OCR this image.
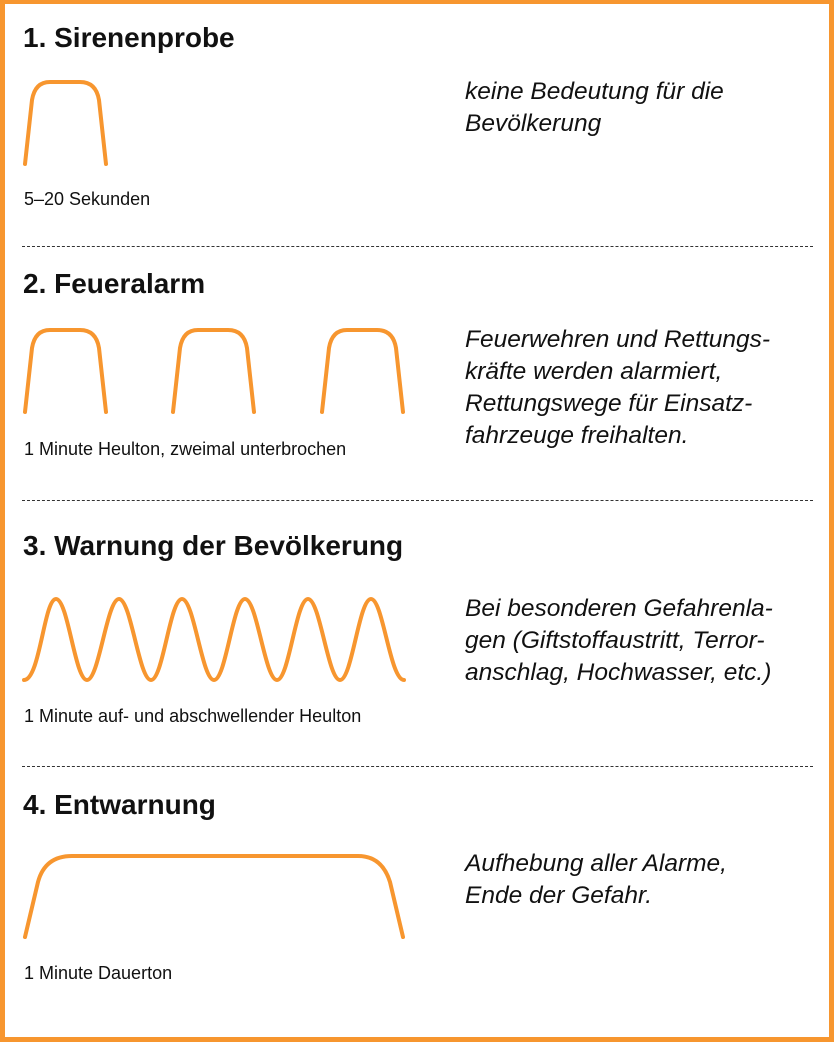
1. Sirenenprobe
5–20 Sekunden
keine Bedeutung für die
Bevölkerung
2. Feueralarm
1 Minute Heulton, zweimal unterbrochen
Feuerwehren und Rettungs-
kräfte werden alarmiert,
Rettungswege für Einsatz-
fahrzeuge freihalten.
3. Warnung der Bevölkerung
1 Minute auf- und abschwellender Heulton
Bei besonderen Gefahrenla-
gen (Giftstoffaustritt, Terror-
anschlag, Hochwasser, etc.)
4. Entwarnung
1 Minute Dauerton
Aufhebung aller Alarme,
Ende der Gefahr.
